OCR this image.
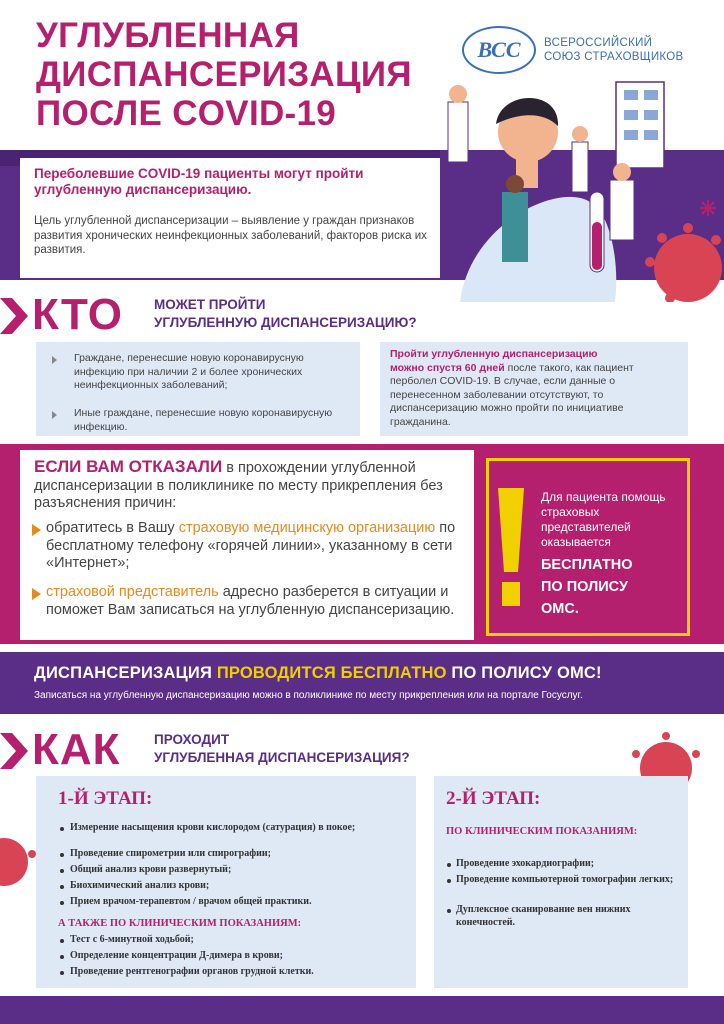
УГЛУБЛЕННАЯ
ДИСПАНСЕРИЗАЦИЯ
ПОСЛЕ COVID-19
ВСС	ВСЕРОССИЙСКИЙ
СОЮЗ СТРАХОВЩИКОВ
Переболевшие COVID-19 пациенты могут пройти углубленную диспансеризацию.
Цель углубленной диспансеризации – выявление у граждан признаков развития хронических неинфекционных заболеваний, факторов риска их развития.
КТО МОЖЕТ ПРОЙТИ
УГЛУБЛЕННУЮ ДИСПАНСЕРИЗАЦИЮ?
Граждане, перенесшие новую коронавирусную инфекцию при наличии 2 и более хронических неинфекционных заболеваний;
Иные граждане, перенесшие новую коронавирусную инфекцию.
Пройти углубленную диспансеризацию
можно спустя 60 дней после такого, как пациент перболел COVID-19. В случае, если данные о перенесенном заболевании отсутствуют, то диспансеризацию можно пройти по инициативе гражданина.
ЕСЛИ ВАМ ОТКАЗАЛИ в прохождении углубленной диспансеризации в поликлинике по месту прикрепления без разъяснения причин:
обратитесь в Вашу страховую медицинскую организацию по бесплатному телефону «горячей линии», указанному в сети «Интернет»;
страховой представитель адресно разберется в ситуации и поможет Вам записаться на углубленную диспансеризацию.
Для пациента помощь страховых представителей оказывается
БЕСПЛАТНО
ПО ПОЛИСУ
ОМС.
ДИСПАНСЕРИЗАЦИЯ ПРОВОДИТСЯ БЕСПЛАТНО ПО ПОЛИСУ ОМС!
Записаться на углубленную диспансеризацию можно в поликлинике по месту прикрепления или на портале Госуслуг.
КАК ПРОХОДИТ
УГЛУБЛЕННАЯ ДИСПАНСЕРИЗАЦИЯ?
1-Й ЭТАП:
Измерение насыщения крови кислородом (сатурация) в покое;
Проведение спирометрии или спирографии;
Общий анализ крови развернутый;
Биохимический анализ крови;
Прием врачом-терапевтом / врачом общей практики.
А ТАКЖЕ ПО КЛИНИЧЕСКИМ ПОКАЗАНИЯМ:
Тест с 6-минутной ходьбой;
Определение концентрации Д-димера в крови;
Проведение рентгенографии органов грудной клетки.
2-Й ЭТАП:
ПО КЛИНИЧЕСКИМ ПОКАЗАНИЯМ:
Проведение эхокардиографии;
Проведение компьютерной томографии легких;
Дуплексное сканирование вен нижних конечностей.
